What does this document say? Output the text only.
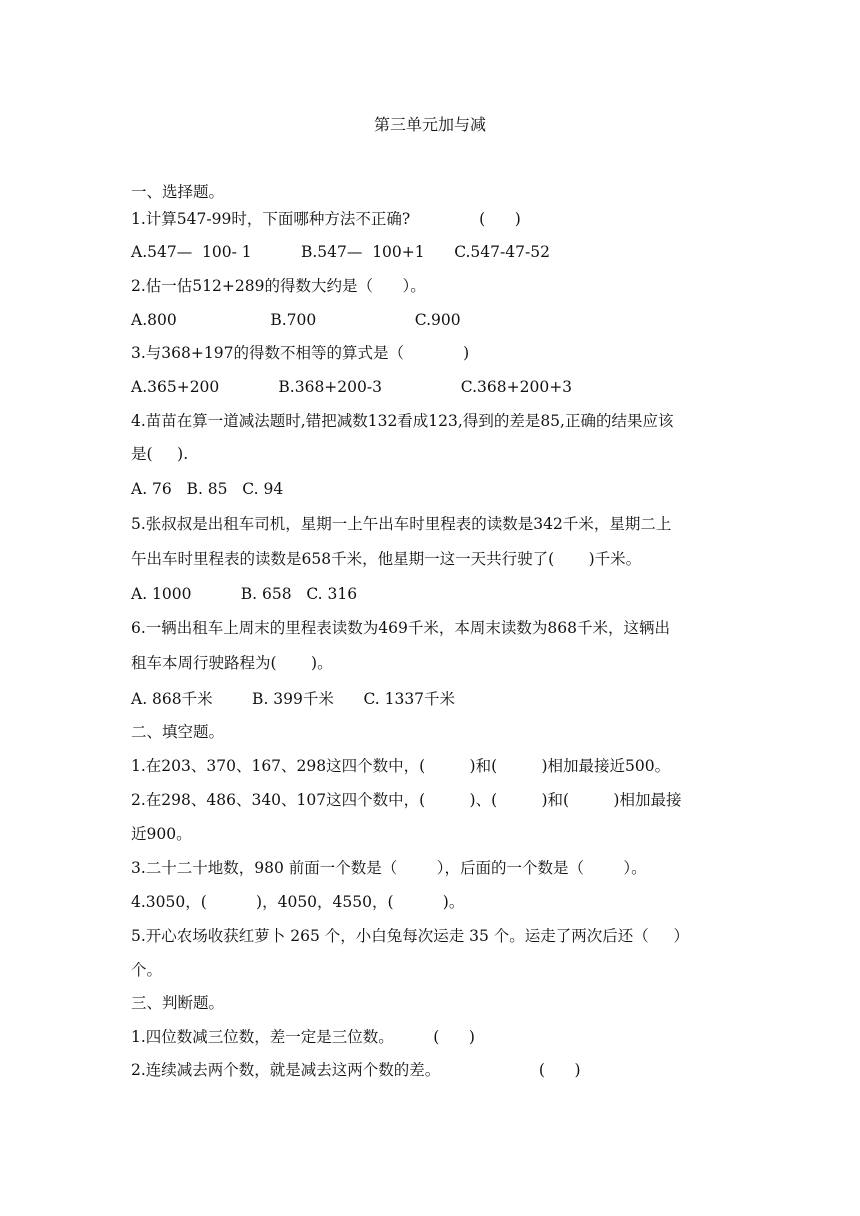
第三单元加与减
一、选择题。
1.计算547-99时，下面哪种方法不正确?              (      )
A.547—  100- 1          B.547—  100+1      C.547-47-52
2.估一估512+289的得数大约是（      ）。
A.800                   B.700                    C.900
3.与368+197的得数不相等的算式是（            )
A.365+200            B.368+200-3                C.368+200+3
4.苗苗在算一道减法题时,错把减数132看成123,得到的差是85,正确的结果应该
是(     ).
A. 76   B. 85   C. 94
5.张叔叔是出租车司机，星期一上午出车时里程表的读数是342千米，星期二上
午出车时里程表的读数是658千米，他星期一这一天共行驶了(       )千米。
A. 1000          B. 658   C. 316
6.一辆出租车上周末的里程表读数为469千米，本周末读数为868千米，这辆出
租车本周行驶路程为(       )。
A. 868千米        B. 399千米      C. 1337千米
二、填空题。
1.在203、370、167、298这四个数中，(         )和(         )相加最接近500。
2.在298、486、340、107这四个数中，(         )、(         )和(         )相加最接
近900。
3.二十二十地数，980 前面一个数是（        ），后面的一个数是（        ）。
4.3050，(          )，4050，4550，(          )。
5.开心农场收获红萝卜 265 个，小白兔每次运走 35 个。运走了两次后还（     ）
个。
三、判断题。
1.四位数减三位数，差一定是三位数。        (      )
2.连续减去两个数，就是减去这两个数的差。                    (      )
